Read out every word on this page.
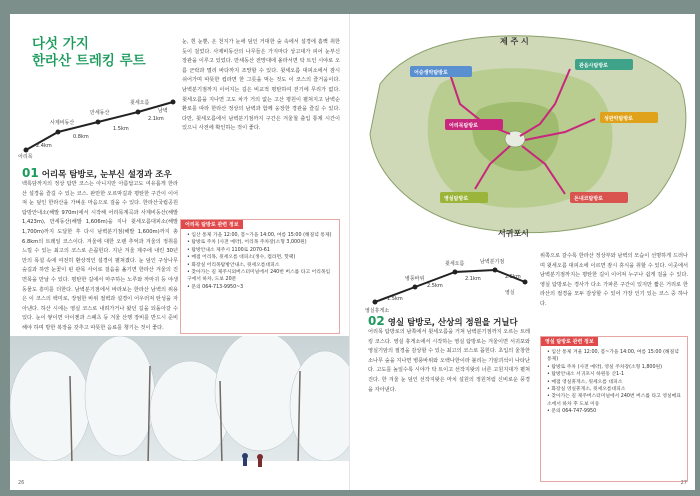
다섯 가지
한라산 트레킹 루트
어리목
사제비동산
만세동산
윗세오름
남벽
2.4km
0.8km
1.5km
2.1km
01 어리목 탐방로, 눈부신 설경과 조우
백록담까지의 정상 탐반 코스는 아니지만 아름답고도 여유롭게 한라산 설경을 즐길 수 있는 코스. 완만한 오르막길과 평탄한 구간이 이어져 눈 덮인 한라산을 가벼운 마음으로 걸을 수 있다. 한라산국립공원 탐방안내소(해발 970m)에서 시작해 어리목계곡과 사제비동산(해발 1,423m), 만세동산(해발 1,606m)을 지나 윗세오름대피소(해발 1,700m)까지 도달한 후 다시 남벽분기점(해발 1,600m)까지 총 6.8km의 트레일 코스이다. 겨울에 대한 오랜 추억과 겨울의 정취를 느낄 수 있는 최고의 코스로 손꼽힌다. 지난 겨울 제주에 내린 30년 만의 폭설 속에 여전히 환상적인 설경이 펼쳐졌다. 눈 덮인 구상나무 숲길과 하얀 눈꽃이 핀 관목 사이로 걸음을 옮기면 한라산 겨울의 진면목을 만날 수 있다. 평탄한 길에서 마주하는 노루와 까마귀 등 야생동물도 흥미를 더한다. 남벽분기점에서 바라보는 한라산 남벽의 위용은 이 코스의 백미로, 장엄한 바위 절벽과 설경이 어우러져 탄성을 자아낸다. 하산 시에는 영실 코스로 내려가거나 왔던 길을 되돌아갈 수 있다. 눈이 쌓이면 아이젠과 스패츠 등 겨울 산행 장비를 반드시 준비해야 하며 방한 복장을 갖추고 따뜻한 음료를 챙기는 것이 좋다.
눈, 흰 눈뿐, 온 천지가 눈에 덮인 거대한 숲 속에서 설경에 흠뻑 취한 듯이 걸었다. 사제비동산의 나무들은 가지마다 상고대가 피어 눈부신 장관을 이루고 있었다. 만세동산 전망대에 올라서면 탁 트인 시야로 오름 군락과 멀리 바다까지 조망할 수 있다. 윗세오름 대피소에서 잠시 쉬어가며 따뜻한 컵라면 한 그릇을 먹는 것도 이 코스의 즐거움이다. 남벽분기점까지 이어지는 길은 비교적 평탄하여 걷기에 무리가 없다. 윗세오름을 지나면 고도 차가 거의 없는 고산 평원이 펼쳐지고 남벽순환로를 따라 한라산 정상의 남벽과 함께 웅장한 경관을 즐길 수 있다. 다만, 윗세오름에서 남벽분기점까지 구간은 겨울철 출입 통제 시간이 있으니 사전에 확인하는 것이 좋다.
어리목 탐방로 관련 정보
• 입산 통제 가을 12:00, 봄~가을 14:00, 여름 15:00 (해질녘 통제)
• 탐방로 주차 (사전 예약), 어리목 주차장(소형 3,000원)
• 탐방안내소 제주시 1100로 2070-61
• 매점 어리목, 윗세오름 대피소(생수, 컵라면, 핫팩)
• 화장실 어리목탐방안내소, 윗세오름대피소
• 찾아가는 길 제주시외버스터미널에서 240번 버스를 타고 어리목입구에서 하차, 도보 20분
• 문의 064-713-9950~3
26
제 주 시
서귀포시
어승생악탐방로
관음사탐방로
어리목탐방로
성판악탐방로
돈내코탐방로
영실탐방로
영실휴게소
병풍바위
윗세오름	남벽분기점
영실
1.5km
2.5km
2.1km	2.5km
02 영실 탐방로, 산상의 정원을 거닐다
어리목 탐방로의 남쪽에서 윗세오름을 거쳐 남벽분기점까지 오르는 트레킹 코스다. 영실 휴게소에서 시작하는 영실 탐방로는 겨울이면 서귀포와 영실기암의 절경을 감상할 수 있는 최고의 코스로 꼽힌다. 초입의 울창한 소나무 숲을 지나면 병풍바위와 오백나한이라 불리는 기암괴석이 나타난다. 고도를 높일수록 시야가 탁 트이고 선작지왓의 너른 고원지대가 펼쳐진다. 한 겨울 눈 덮인 선작지왓은 마치 설원의 정원처럼 신비로운 풍경을 자아낸다.
위쪽으로 갈수록 한라산 정상부와 남벽의 모습이 선명하게 드러나며 윗세오름 대피소에 이르면 잠시 휴식을 취할 수 있다. 이곳에서 남벽분기점까지는 평탄한 길이 이어져 누구나 쉽게 걸을 수 있다. 영실 탐방로는 경사가 다소 가파른 구간이 있지만 짧은 거리로 한라산의 절경을 모두 감상할 수 있어 가장 인기 있는 코스 중 하나다.
영실 탐방로 관련 정보
• 입산 통제 겨울 12:00, 봄~가을 14:00, 여름 15:00 (해질녘 통제)
• 탐방로 주차 (사전 예약), 영실 주차장(소형 1,800원)
• 탐방안내소 서귀포시 하원동 산1-1
• 매점 영실휴게소, 윗세오름 대피소
• 화장실 영실휴게소, 윗세오름대피소
• 찾아가는 길 제주버스터미널에서 240번 버스를 타고 영실매표소에서 하차 후 도보 이동
• 문의 064-747-9950
27
